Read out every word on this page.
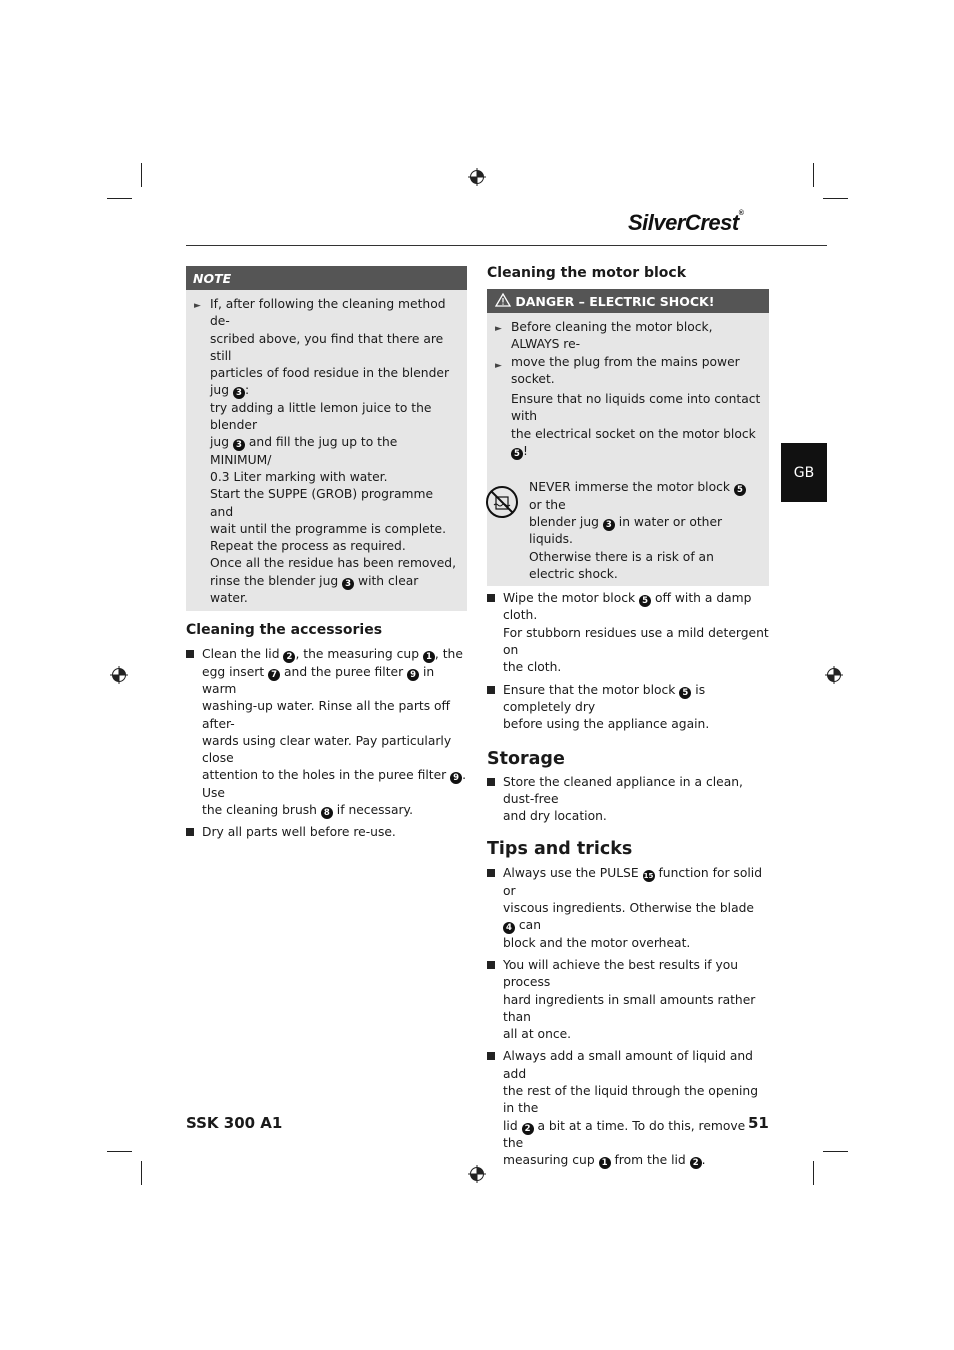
SilverCrest®
NOTE
► If, after following the cleaning method de-
scribed above, you find that there are still
particles of food residue in the blender jug 3 :
try adding a little lemon juice to the blender
jug 3 and fill the jug up to the MINIMUM/
0.3 Liter marking with water.
Start the SUPPE (GROB) programme and
wait until the programme is complete.
Repeat the process as required.
Once all the residue has been removed,
rinse the blender jug 3 with clear water.
Cleaning the accessories
Clean the lid 2 , the measuring cup 1 , the
egg insert 7 and the puree filter 9 in warm
washing-up water. Rinse all the parts off after-
wards using clear water. Pay particularly close
attention to the holes in the puree filter 9 . Use
the cleaning brush 8 if necessary.
Dry all parts well before re-use.
Cleaning the motor block
DANGER – ELECTRIC SHOCK!
► Before cleaning the motor block, ALWAYS re-
move the plug from the mains power socket.
►
Ensure that no liquids come into contact with
the electrical socket on the motor block 5 !
NEVER immerse the motor block 5 or the
blender jug 3 in water or other liquids.
Otherwise there is a risk of an electric shock.
Wipe the motor block 5 off with a damp cloth.
For stubborn residues use a mild detergent on
the cloth.
Ensure that the motor block 5 is completely dry
before using the appliance again.
Storage
Store the cleaned appliance in a clean, dust-free
and dry location.
Tips and tricks
Always use the PULSE 15 function for solid or
viscous ingredients. Otherwise the blade 4 can
block and the motor overheat.
You will achieve the best results if you process
hard ingredients in small amounts rather than
all at once.
Always add a small amount of liquid and add
the rest of the liquid through the opening in the
lid 2 a bit at a time. To do this, remove the
measuring cup 1 from the lid 2 .
GB
SSK 300 A1	51
